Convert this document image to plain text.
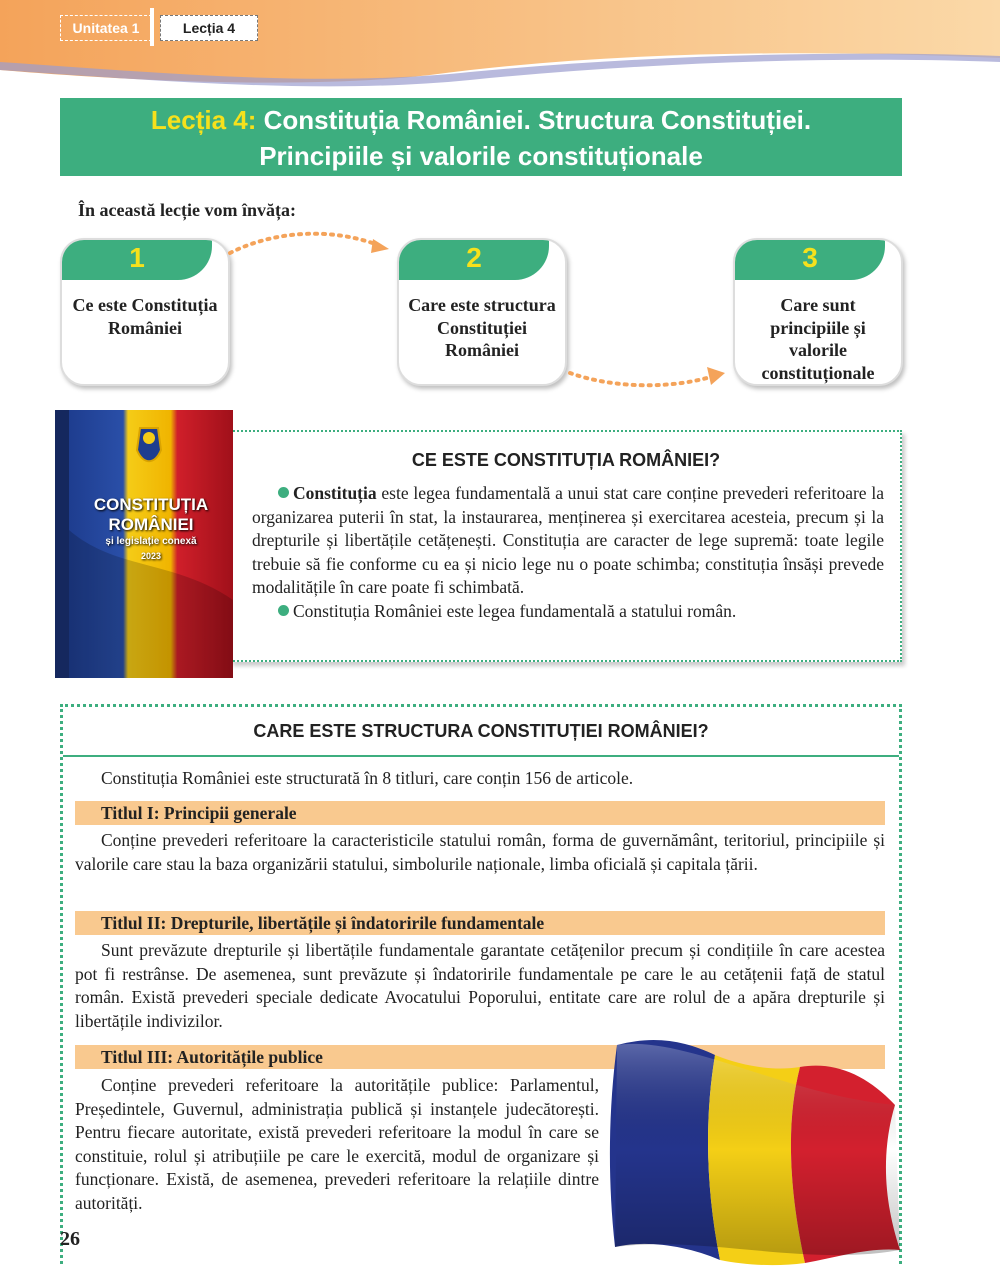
Unitatea 1	Lecția 4
Lecția 4: Constituția României. Structura Constituției.
Principiile și valorile constituționale
În această lecție vom învăța:
1
Ce este Constituția României
2
Care este structura Constituției României
3
Care sunt principiile și valorile constituționale
CE ESTE CONSTITUȚIA ROMÂNIEI?
Constituția este legea fundamentală a unui stat care conține prevederi referitoare la organizarea puterii în stat, la instaurarea, menținerea și exercitarea acesteia, precum și la drepturile și libertățile cetățenești. Constituția are caracter de lege supremă: toate legile trebuie să fie conforme cu ea și nicio lege nu o poate schimba; constituția însăși prevede modalitățile în care poate fi schimbată.
Constituția României este legea fundamentală a statului român.
CONSTITUȚIA
ROMÂNIEI
și legislație conexă
2023
CARE ESTE STRUCTURA CONSTITUȚIEI ROMÂNIEI?
Constituția României este structurată în 8 titluri, care conțin 156 de articole.
Titlul I: Principii generale
Conține prevederi referitoare la caracteristicile statului român, forma de guvernământ, teritoriul, principiile și valorile care stau la baza organizării statului, simbolurile naționale, limba oficială și capitala țării.
Titlul II: Drepturile, libertățile și îndatoririle fundamentale
Sunt prevăzute drepturile și libertățile fundamentale garantate cetățenilor precum și condițiile în care acestea pot fi restrânse. De asemenea, sunt prevăzute și îndatoririle fundamentale pe care le au cetățenii față de statul român. Există prevederi speciale dedicate Avocatului Poporului, entitate care are rolul de a apăra drepturile și libertățile indivizilor.
Titlul III: Autoritățile publice
Conține prevederi referitoare la autoritățile publice: Parlamentul, Președintele, Guvernul, administrația publică și instanțele judecătorești. Pentru fiecare autoritate, există prevederi referitoare la modul în care se constituie, rolul și atribuțiile pe care le exercită, modul de organizare și funcționare. Există, de asemenea, prevederi referitoare la relațiile dintre autorități.
26
